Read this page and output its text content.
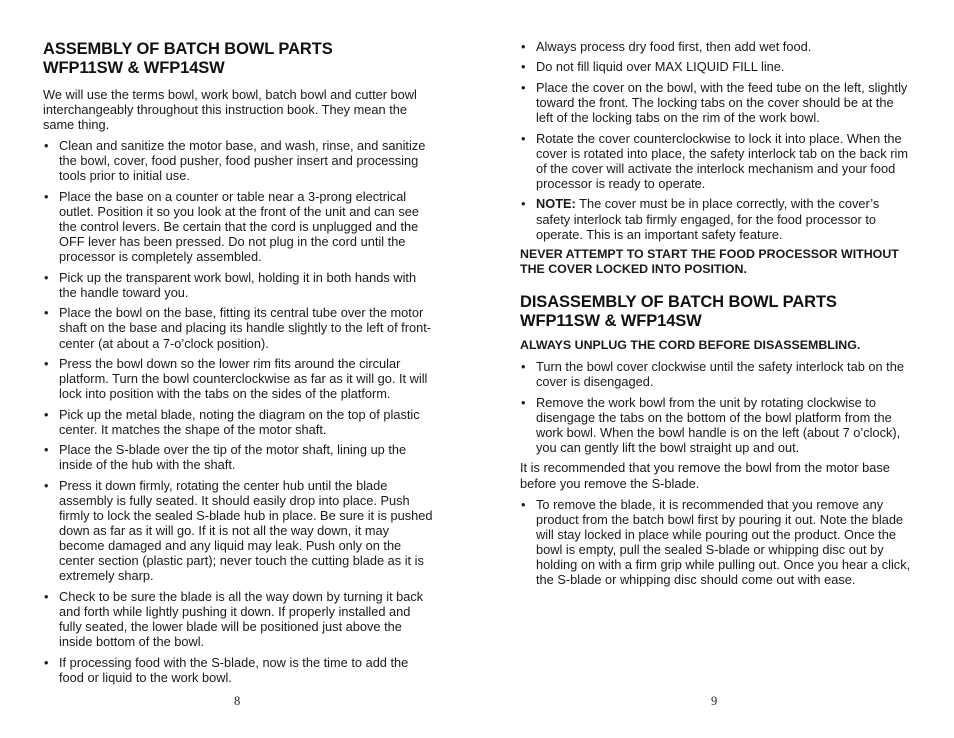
ASSEMBLY OF BATCH BOWL PARTS
WFP11SW & WFP14SW

We will use the terms bowl, work bowl, batch bowl and cutter bowl interchangeably throughout this instruction book. They mean the same thing.

• Clean and sanitize the motor base, and wash, rinse, and sanitize the bowl, cover, food pusher, food pusher insert and processing tools prior to initial use.
• Place the base on a counter or table near a 3-prong electrical outlet. Position it so you look at the front of the unit and can see the control levers. Be certain that the cord is unplugged and the OFF lever has been pressed. Do not plug in the cord until the processor is completely assembled.
• Pick up the transparent work bowl, holding it in both hands with the handle toward you.
• Place the bowl on the base, fitting its central tube over the motor shaft on the base and placing its handle slightly to the left of front-center (at about a 7-o’clock position).
• Press the bowl down so the lower rim fits around the circular platform. Turn the bowl counterclockwise as far as it will go. It will lock into position with the tabs on the sides of the platform.
• Pick up the metal blade, noting the diagram on the top of plastic center. It matches the shape of the motor shaft.
• Place the S-blade over the tip of the motor shaft, lining up the inside of the hub with the shaft.
• Press it down firmly, rotating the center hub until the blade assembly is fully seated. It should easily drop into place. Push firmly to lock the sealed S-blade hub in place. Be sure it is pushed down as far as it will go. If it is not all the way down, it may become damaged and any liquid may leak. Push only on the center section (plastic part); never touch the cutting blade as it is extremely sharp.
• Check to be sure the blade is all the way down by turning it back and forth while lightly pushing it down. If properly installed and fully seated, the lower blade will be positioned just above the inside bottom of the bowl.
• If processing food with the S-blade, now is the time to add the food or liquid to the work bowl.
8
• Always process dry food first, then add wet food.
• Do not fill liquid over MAX LIQUID FILL line.
• Place the cover on the bowl, with the feed tube on the left, slightly toward the front. The locking tabs on the cover should be at the left of the locking tabs on the rim of the work bowl.
• Rotate the cover counterclockwise to lock it into place. When the cover is rotated into place, the safety interlock tab on the back rim of the cover will activate the interlock mechanism and your food processor is ready to operate.
• NOTE: The cover must be in place correctly, with the cover’s safety interlock tab firmly engaged, for the food processor to operate. This is an important safety feature.

NEVER ATTEMPT TO START THE FOOD PROCESSOR WITHOUT THE COVER LOCKED INTO POSITION.

DISASSEMBLY OF BATCH BOWL PARTS
WFP11SW & WFP14SW

ALWAYS UNPLUG THE CORD BEFORE DISASSEMBLING.

• Turn the bowl cover clockwise until the safety interlock tab on the cover is disengaged.
• Remove the work bowl from the unit by rotating clockwise to disengage the tabs on the bottom of the bowl platform from the work bowl. When the bowl handle is on the left (about 7 o’clock), you can gently lift the bowl straight up and out.

It is recommended that you remove the bowl from the motor base before you remove the S-blade.

• To remove the blade, it is recommended that you remove any product from the batch bowl first by pouring it out. Note the blade will stay locked in place while pouring out the product. Once the bowl is empty, pull the sealed S-blade or whipping disc out by holding on with a firm grip while pulling out. Once you hear a click, the S-blade or whipping disc should come out with ease.
9
